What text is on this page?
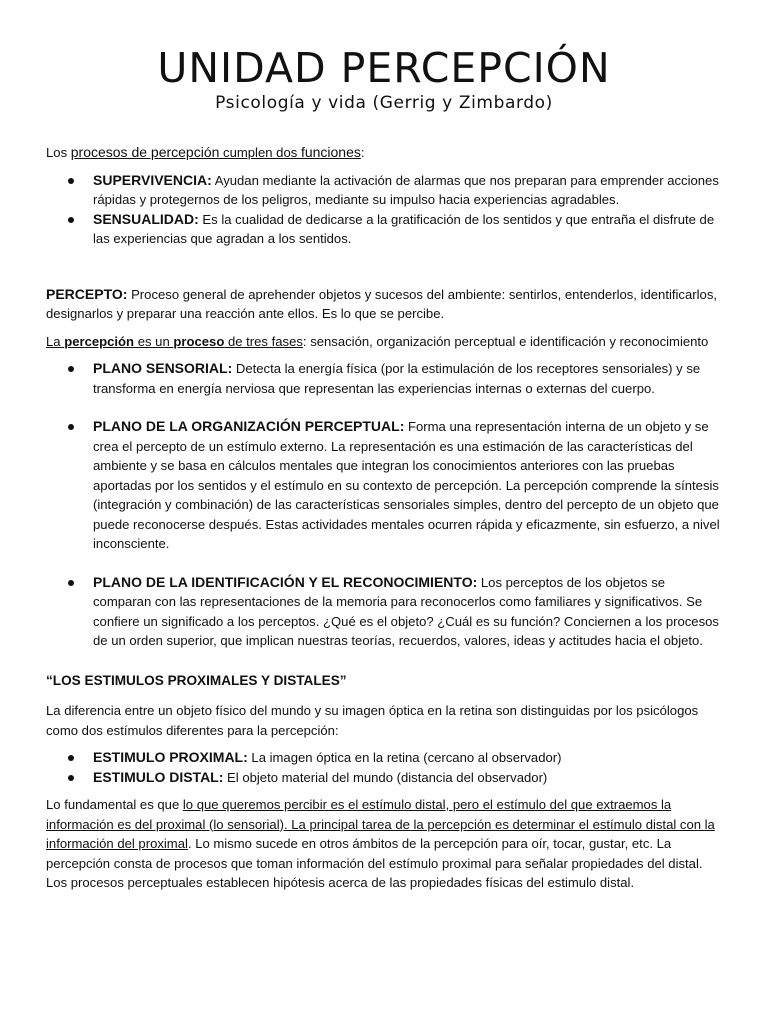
UNIDAD PERCEPCIÓN
Psicología y vida (Gerrig y Zimbardo)

Los procesos de percepción cumplen dos funciones:

SUPERVIVENCIA: Ayudan mediante la activación de alarmas que nos preparan para emprender acciones rápidas y protegernos de los peligros, mediante su impulso hacia experiencias agradables.
SENSUALIDAD: Es la cualidad de dedicarse a la gratificación de los sentidos y que entraña el disfrute de las experiencias que agradan a los sentidos.

PERCEPTO: Proceso general de aprehender objetos y sucesos del ambiente: sentirlos, entenderlos, identificarlos, designarlos y preparar una reacción ante ellos. Es lo que se percibe.

La percepción es un proceso de tres fases: sensación, organización perceptual e identificación y reconocimiento

PLANO SENSORIAL: Detecta la energía física (por la estimulación de los receptores sensoriales) y se transforma en energía nerviosa que representan las experiencias internas o externas del cuerpo.
PLANO DE LA ORGANIZACIÓN PERCEPTUAL: Forma una representación interna de un objeto y se crea el percepto de un estímulo externo. La representación es una estimación de las características del ambiente y se basa en cálculos mentales que integran los conocimientos anteriores con las pruebas aportadas por los sentidos y el estímulo en su contexto de percepción. La percepción comprende la síntesis (integración y combinación) de las características sensoriales simples, dentro del percepto de un objeto que puede reconocerse después. Estas actividades mentales ocurren rápida y eficazmente, sin esfuerzo, a nivel inconsciente.
PLANO DE LA IDENTIFICACIÓN Y EL RECONOCIMIENTO: Los perceptos de los objetos se comparan con las representaciones de la memoria para reconocerlos como familiares y significativos. Se confiere un significado a los perceptos. ¿Qué es el objeto? ¿Cuál es su función? Conciernen a los procesos de un orden superior, que implican nuestras teorías, recuerdos, valores, ideas y actitudes hacia el objeto.

“LOS ESTIMULOS PROXIMALES Y DISTALES”

La diferencia entre un objeto físico del mundo y su imagen óptica en la retina son distinguidas por los psicólogos como dos estímulos diferentes para la percepción:

ESTIMULO PROXIMAL: La imagen óptica en la retina (cercano al observador)
ESTIMULO DISTAL: El objeto material del mundo (distancia del observador)

Lo fundamental es que lo que queremos percibir es el estímulo distal, pero el estímulo del que extraemos la información es del proximal (lo sensorial). La principal tarea de la percepción es determinar el estímulo distal con la información del proximal. Lo mismo sucede en otros ámbitos de la percepción para oír, tocar, gustar, etc. La percepción consta de procesos que toman información del estímulo proximal para señalar propiedades del distal. Los procesos perceptuales establecen hipótesis acerca de las propiedades físicas del estimulo distal.
